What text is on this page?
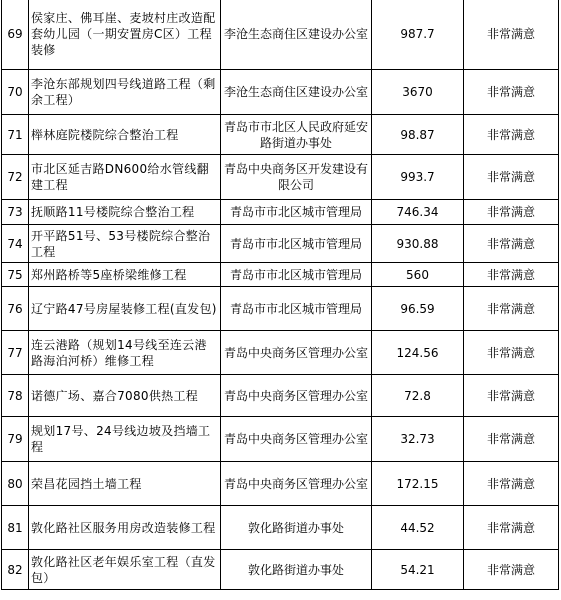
69	侯家庄、佛耳崖、麦坡村庄改造配套幼儿园（一期安置房C区）工程装修	李沧生态商住区建设办公室	987.7	非常满意
70	李沧东部规划四号线道路工程（剩余工程）	李沧生态商住区建设办公室	3670	非常满意
71	榉林庭院楼院综合整治工程	青岛市市北区人民政府延安路街道办事处	98.87	非常满意
72	市北区延吉路DN600给水管线翻建工程	青岛中央商务区开发建设有限公司	993.7	非常满意
73	抚顺路11号楼院综合整治工程	青岛市市北区城市管理局	746.34	非常满意
74	开平路51号、53号楼院综合整治工程	青岛市市北区城市管理局	930.88	非常满意
75	郑州路桥等5座桥梁维修工程	青岛市市北区城市管理局	560	非常满意
76	辽宁路47号房屋装修工程(直发包)	青岛市市北区城市管理局	96.59	非常满意
77	连云港路（规划14号线至连云港路海泊河桥）维修工程	青岛中央商务区管理办公室	124.56	非常满意
78	诺德广场、嘉合7080供热工程	青岛中央商务区管理办公室	72.8	非常满意
79	规划17号、24号线边坡及挡墙工程	青岛中央商务区管理办公室	32.73	非常满意
80	荣昌花园挡土墙工程	青岛中央商务区管理办公室	172.15	非常满意
81	敦化路社区服务用房改造装修工程	敦化路街道办事处	44.52	非常满意
82	敦化路社区老年娱乐室工程（直发包）	敦化路街道办事处	54.21	非常满意
